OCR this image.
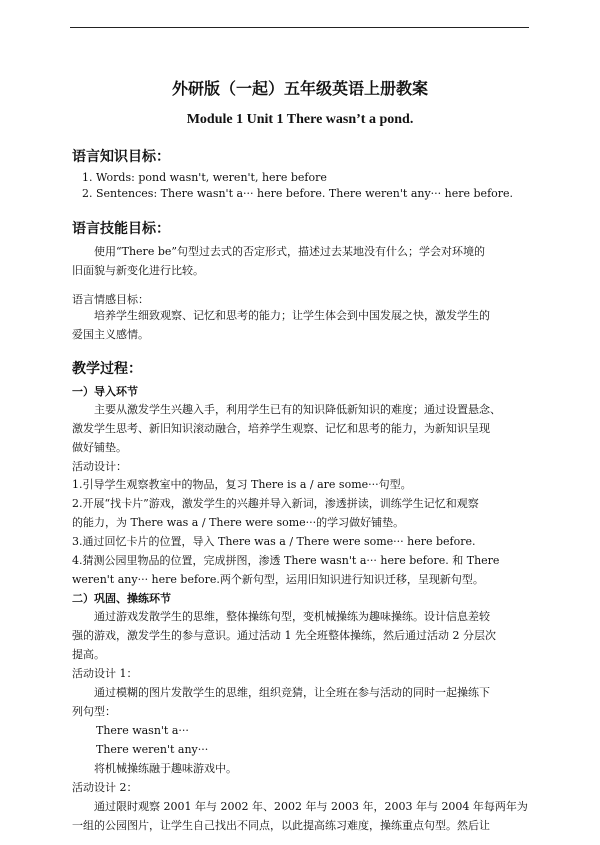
外研版（一起）五年级英语上册教案
Module 1 Unit 1 There wasn’t a pond.
语言知识目标：
1. Words: pond wasn't, weren't, here before
2. Sentences: There wasn't a··· here before. There weren't any··· here before.
语言技能目标：
使用“There be”句型过去式的否定形式，描述过去某地没有什么；学会对环境的
旧面貌与新变化进行比较。
语言情感目标：
培养学生细致观察、记忆和思考的能力；让学生体会到中国发展之快，激发学生的
爱国主义感情。
教学过程：
一）导入环节
主要从激发学生兴趣入手，利用学生已有的知识降低新知识的难度；通过设置悬念、
激发学生思考、新旧知识滚动融合，培养学生观察、记忆和思考的能力，为新知识呈现
做好铺垫。
活动设计：
1.引导学生观察教室中的物品，复习 There is a / are some···句型。
2.开展“找卡片”游戏，激发学生的兴趣并导入新词，渗透拼读，训练学生记忆和观察
的能力，为 There was a / There were some···的学习做好铺垫。
3.通过回忆卡片的位置，导入 There was a / There were some··· here before.
4.猜测公园里物品的位置，完成拼图，渗透 There wasn't a··· here before. 和 There
weren't any··· here before.两个新句型，运用旧知识进行知识迁移，呈现新句型。
二）巩固、操练环节
通过游戏发散学生的思维，整体操练句型，变机械操练为趣味操练。设计信息差较
强的游戏，激发学生的参与意识。通过活动 1 先全班整体操练，然后通过活动 2 分层次
提高。
活动设计 1：
通过模糊的图片发散学生的思维，组织竞猜，让全班在参与活动的同时一起操练下
列句型：
There wasn't a···
There weren't any···
将机械操练融于趣味游戏中。
活动设计 2：
通过限时观察 2001 年与 2002 年、2002 年与 2003 年，2003 年与 2004 年每两年为
一组的公园图片，让学生自己找出不同点，以此提高练习难度，操练重点句型。然后让
